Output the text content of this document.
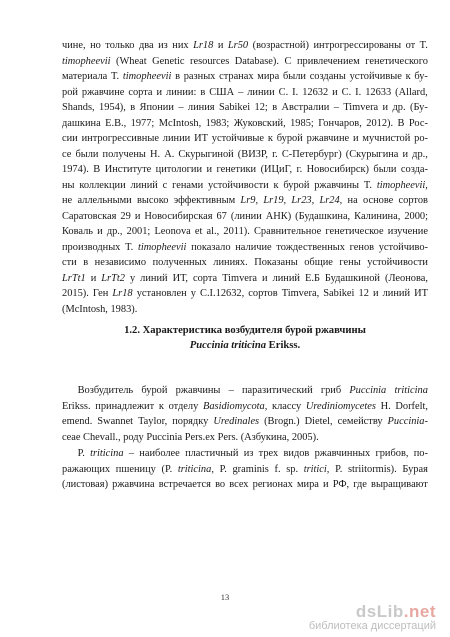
чине, но только два из них Lr18 и Lr50 (возрастной) интрогрессированы от T.
timopheevii (Wheat Genetic resources Database). С привлечением генетического
материала T. timopheevii в разных странах мира были созданы устойчивые к бу-
рой ржавчине сорта и линии: в США – линии C. I. 12632 и C. I. 12633 (Allard,
Shands, 1954), в Японии – линия Sabikei 12; в Австралии – Timvera и др. (Бу-
дашкина Е.В., 1977; McIntosh, 1983; Жуковский, 1985; Гончаров, 2012). В Рос-
сии интрогрессивные линии ИТ устойчивые к бурой ржавчине и мучнистой ро-
се были получены Н. А. Скурыгиной (ВИЗР, г. С-Петербург) (Скурыгина и др.,
1974). В Институте цитологии и генетики (ИЦиГ, г. Новосибирск) были созда-
ны коллекции линий с генами устойчивости к бурой ржавчины T. timopheevii,
не аллельными высоко эффективным Lr9, Lr19, Lr23, Lr24, на основе сортов
Саратовская 29 и Новосибирская 67 (линии АНК) (Будашкина, Калинина, 2000;
Коваль и др., 2001; Leonova et al., 2011). Сравнительное генетическое изучение
производных T. timopheevii показало наличие тождественных генов устойчиво-
сти в независимо полученных линиях. Показаны общие гены устойчивости
LrTt1 и LrTt2 у линий ИТ, сорта Timvera и линий Е.Б Будашкиной (Леонова,
2015). Ген Lr18 установлен у С.I.12632, сортов Timvera, Sabikei 12 и линий ИТ
(McIntosh, 1983).
1.2. Характеристика возбудителя бурой ржавчины
Puccinia triticina Erikss.
Возбудитель бурой ржавчины – паразитический гриб Puccinia triticina
Erikss. принадлежит к отделу Basidiomycota, классу Urediniomycetes H. Dorfelt,
emend. Swannet Taylor, порядку Uredinales (Brogn.) Dietel, семейству Puccinia-
ceae Chevall., роду Puccinia Pers.ex Pers. (Азбукина, 2005).
P. triticina – наиболее пластичный из трех видов ржавчинных грибов, по-
ражающих пшеницу (P. triticina, P. graminis f. sp. tritici, P. striitormis). Бурая
(листовая) ржавчина встречается во всех регионах мира и РФ, где выращивают
13
dsLib.net
библиотека диссертаций
